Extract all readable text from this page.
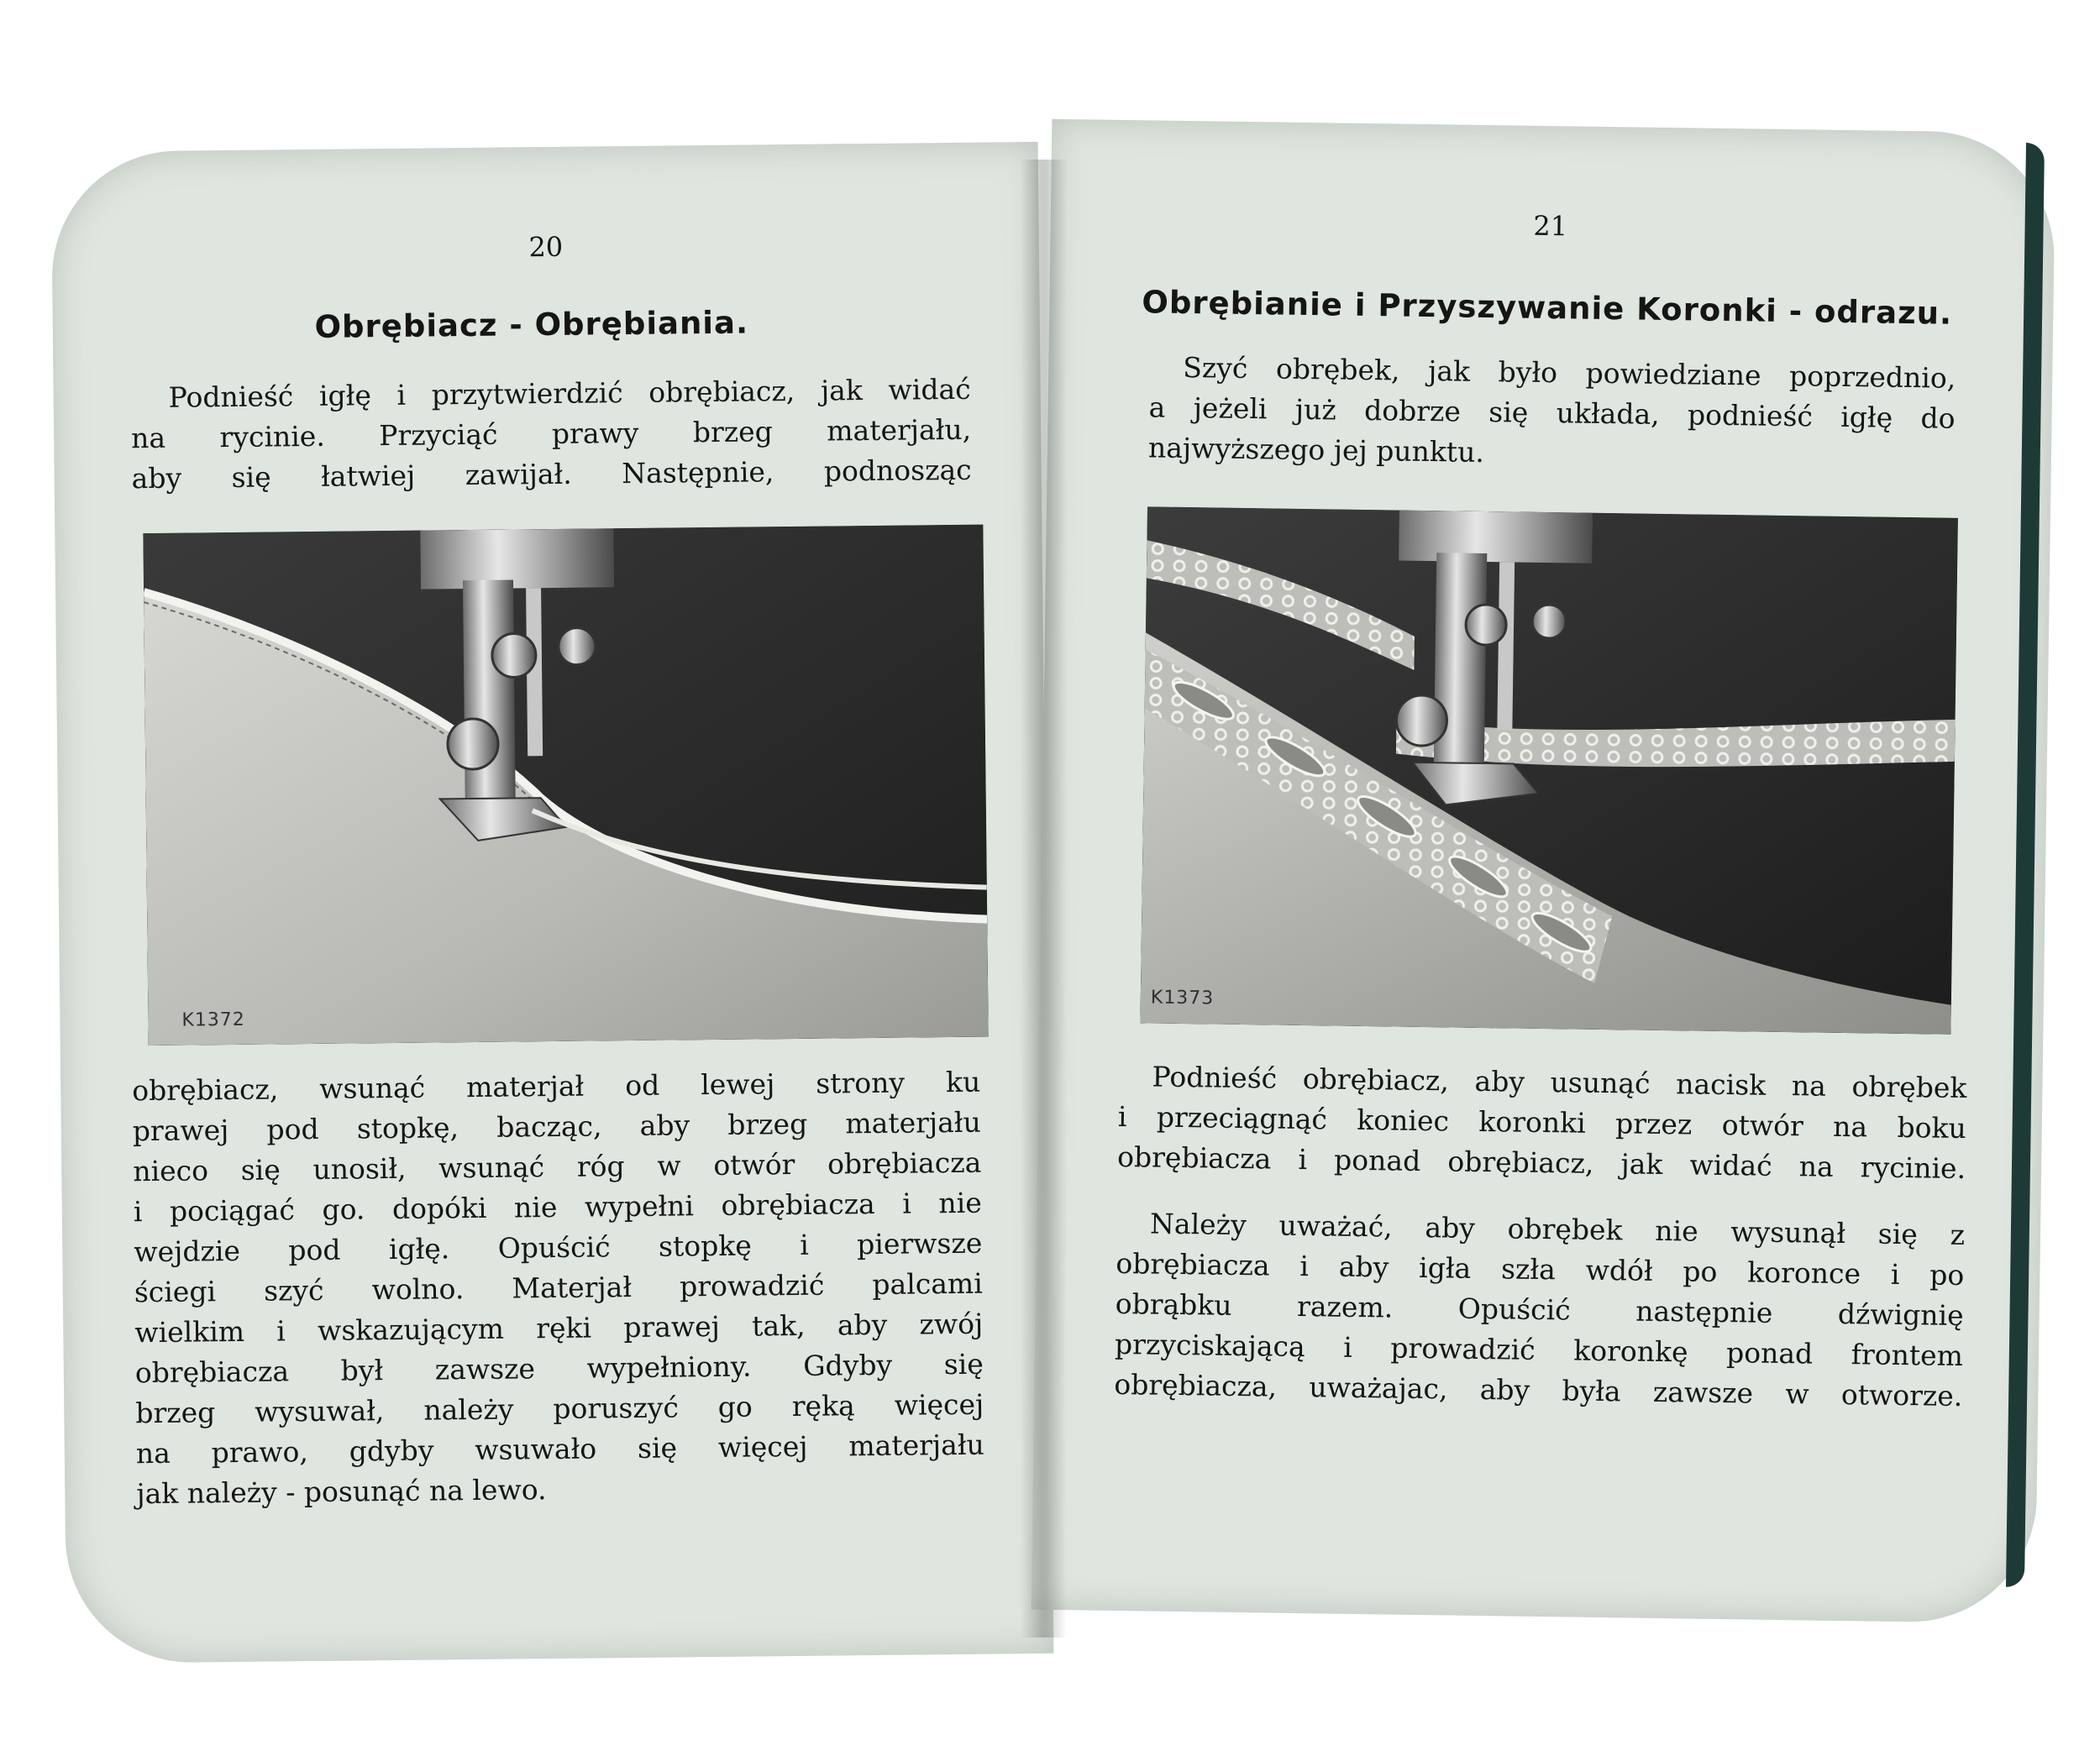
20
Obrębiacz - Obrębiania.
Podnieść igłę i przytwierdzić obrębiacz, jak widać
na rycinie. Przyciąć prawy brzeg materjału,
aby się łatwiej zawijał. Następnie, podnosząc
K1372
obrębiacz, wsunąć materjał od lewej strony ku
prawej pod stopkę, bacząc, aby brzeg materjału
nieco się unosił, wsunąć róg w otwór obrębiacza
i pociągać go. dopóki nie wypełni obrębiacza i nie
wejdzie pod igłę. Opuścić stopkę i pierwsze
ściegi szyć wolno. Materjał prowadzić palcami
wielkim i wskazującym ręki prawej tak, aby zwój
obrębiacza był zawsze wypełniony. Gdyby się
brzeg wysuwał, należy poruszyć go ręką więcej
na prawo, gdyby wsuwało się więcej materjału
jak należy - posunąć na lewo.
21
Obrębianie i Przyszywanie Koronki - odrazu.
Szyć obrębek, jak było powiedziane poprzednio,
a jeżeli już dobrze się układa, podnieść igłę do
najwyższego jej punktu.
K1373
Podnieść obrębiacz, aby usunąć nacisk na obrębek
i przeciągnąć koniec koronki przez otwór na boku
obrębiacza i ponad obrębiacz, jak widać na rycinie.
Należy uważać, aby obrębek nie wysunął się z
obrębiacza i aby igła szła wdół po koronce i po
obrąbku razem. Opuścić następnie dźwignię
przyciskającą i prowadzić koronkę ponad frontem
obrębiacza, uważajac, aby była zawsze w otworze.
